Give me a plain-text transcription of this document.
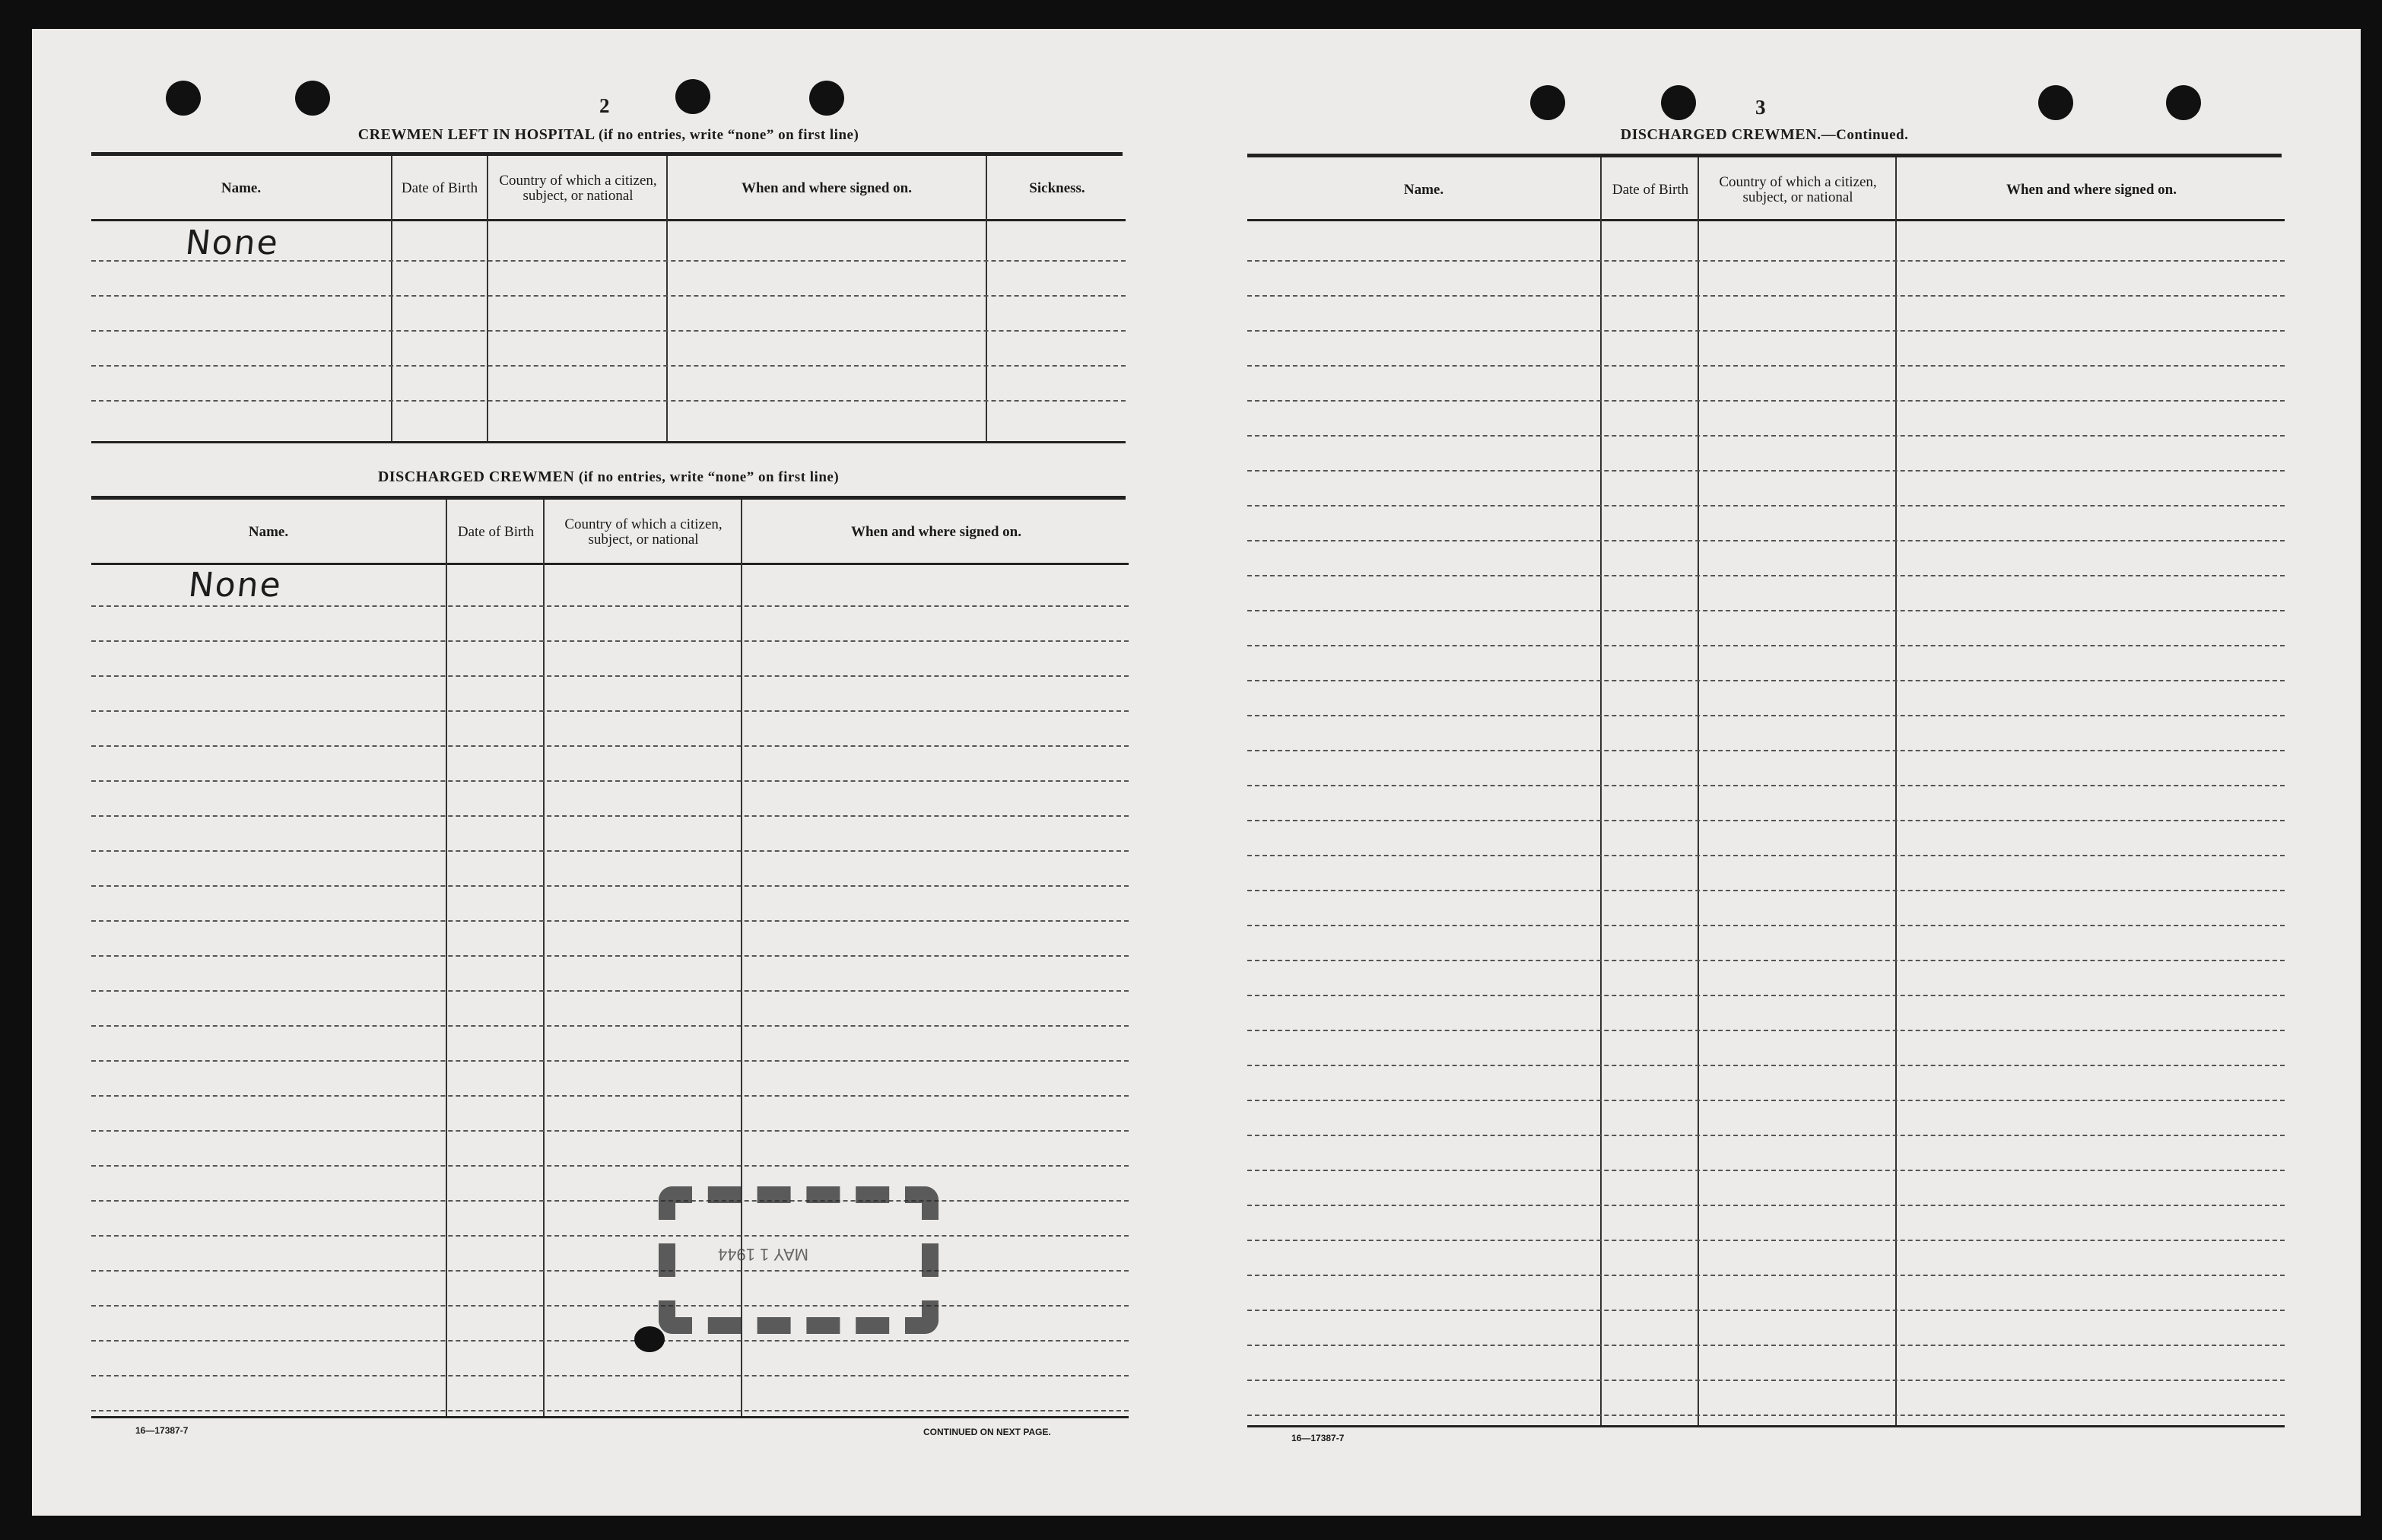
2
CREWMEN LEFT IN HOSPITAL (if no entries, write “none” on first line)
Name.	Date of Birth	Country of which a citizen, subject, or national	When and where signed on.	Sickness.
None
DISCHARGED CREWMEN (if no entries, write “none” on first line)
Name.	Date of Birth	Country of which a citizen, subject, or national	When and where signed on.
None
16—17387-7	CONTINUED ON NEXT PAGE.
MAY 1 1944
3
DISCHARGED CREWMEN.—Continued.
Name.	Date of Birth	Country of which a citizen, subject, or national	When and where signed on.
16—17387-7
